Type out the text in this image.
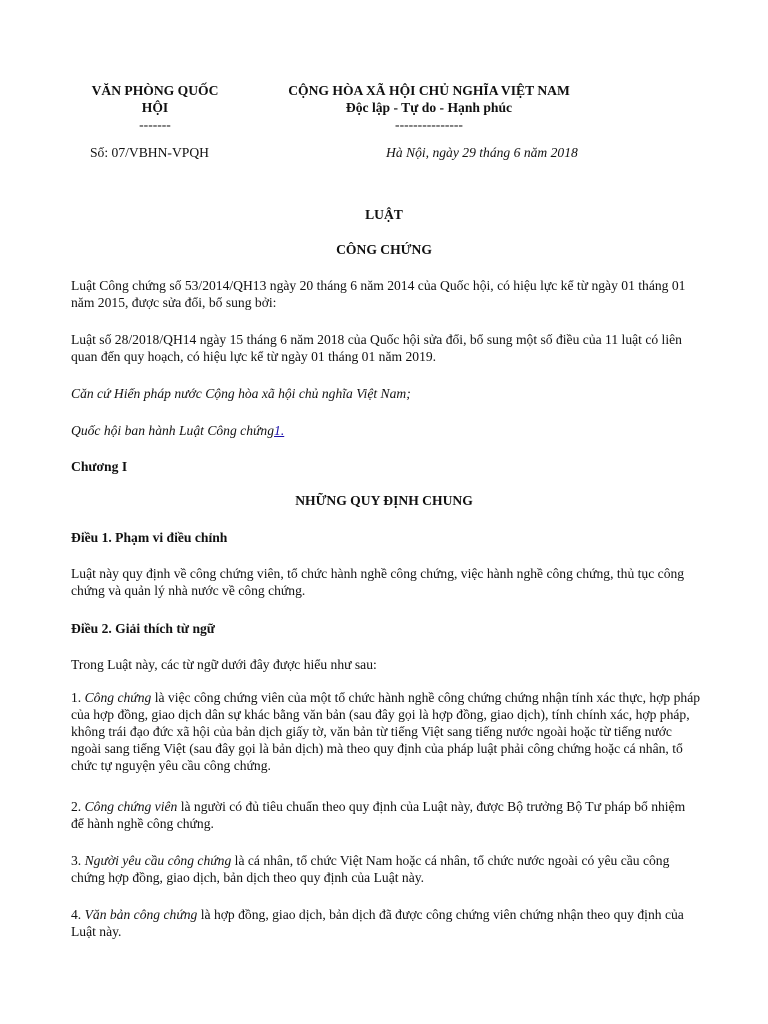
VĂN PHÒNG QUỐC
HỘI
-------
Số: 07/VBHN-VPQH
CỘNG HÒA XÃ HỘI CHỦ NGHĨA VIỆT NAM
Độc lập - Tự do - Hạnh phúc
---------------
Hà Nội, ngày 29 tháng 6 năm 2018
LUẬT
CÔNG CHỨNG
Luật Công chứng số 53/2014/QH13 ngày 20 tháng 6 năm 2014 của Quốc hội, có hiệu lực kể từ ngày 01 tháng 01 năm 2015, được sửa đổi, bổ sung bởi:
Luật số 28/2018/QH14 ngày 15 tháng 6 năm 2018 của Quốc hội sửa đổi, bổ sung một số điều của 11 luật có liên quan đến quy hoạch, có hiệu lực kể từ ngày 01 tháng 01 năm 2019.
Căn cứ Hiến pháp nước Cộng hòa xã hội chủ nghĩa Việt Nam;
Quốc hội ban hành Luật Công chứng1.
Chương I
NHỮNG QUY ĐỊNH CHUNG
Điều 1. Phạm vi điều chỉnh
Luật này quy định về công chứng viên, tổ chức hành nghề công chứng, việc hành nghề công chứng, thủ tục công chứng và quản lý nhà nước về công chứng.
Điều 2. Giải thích từ ngữ
Trong Luật này, các từ ngữ dưới đây được hiểu như sau:
1. Công chứng là việc công chứng viên của một tổ chức hành nghề công chứng chứng nhận tính xác thực, hợp pháp của hợp đồng, giao dịch dân sự khác bằng văn bản (sau đây gọi là hợp đồng, giao dịch), tính chính xác, hợp pháp, không trái đạo đức xã hội của bản dịch giấy tờ, văn bản từ tiếng Việt sang tiếng nước ngoài hoặc từ tiếng nước ngoài sang tiếng Việt (sau đây gọi là bản dịch) mà theo quy định của pháp luật phải công chứng hoặc cá nhân, tổ chức tự nguyện yêu cầu công chứng.
2. Công chứng viên là người có đủ tiêu chuẩn theo quy định của Luật này, được Bộ trưởng Bộ Tư pháp bổ nhiệm để hành nghề công chứng.
3. Người yêu cầu công chứng là cá nhân, tổ chức Việt Nam hoặc cá nhân, tổ chức nước ngoài có yêu cầu công chứng hợp đồng, giao dịch, bản dịch theo quy định của Luật này.
4. Văn bản công chứng là hợp đồng, giao dịch, bản dịch đã được công chứng viên chứng nhận theo quy định của Luật này.
